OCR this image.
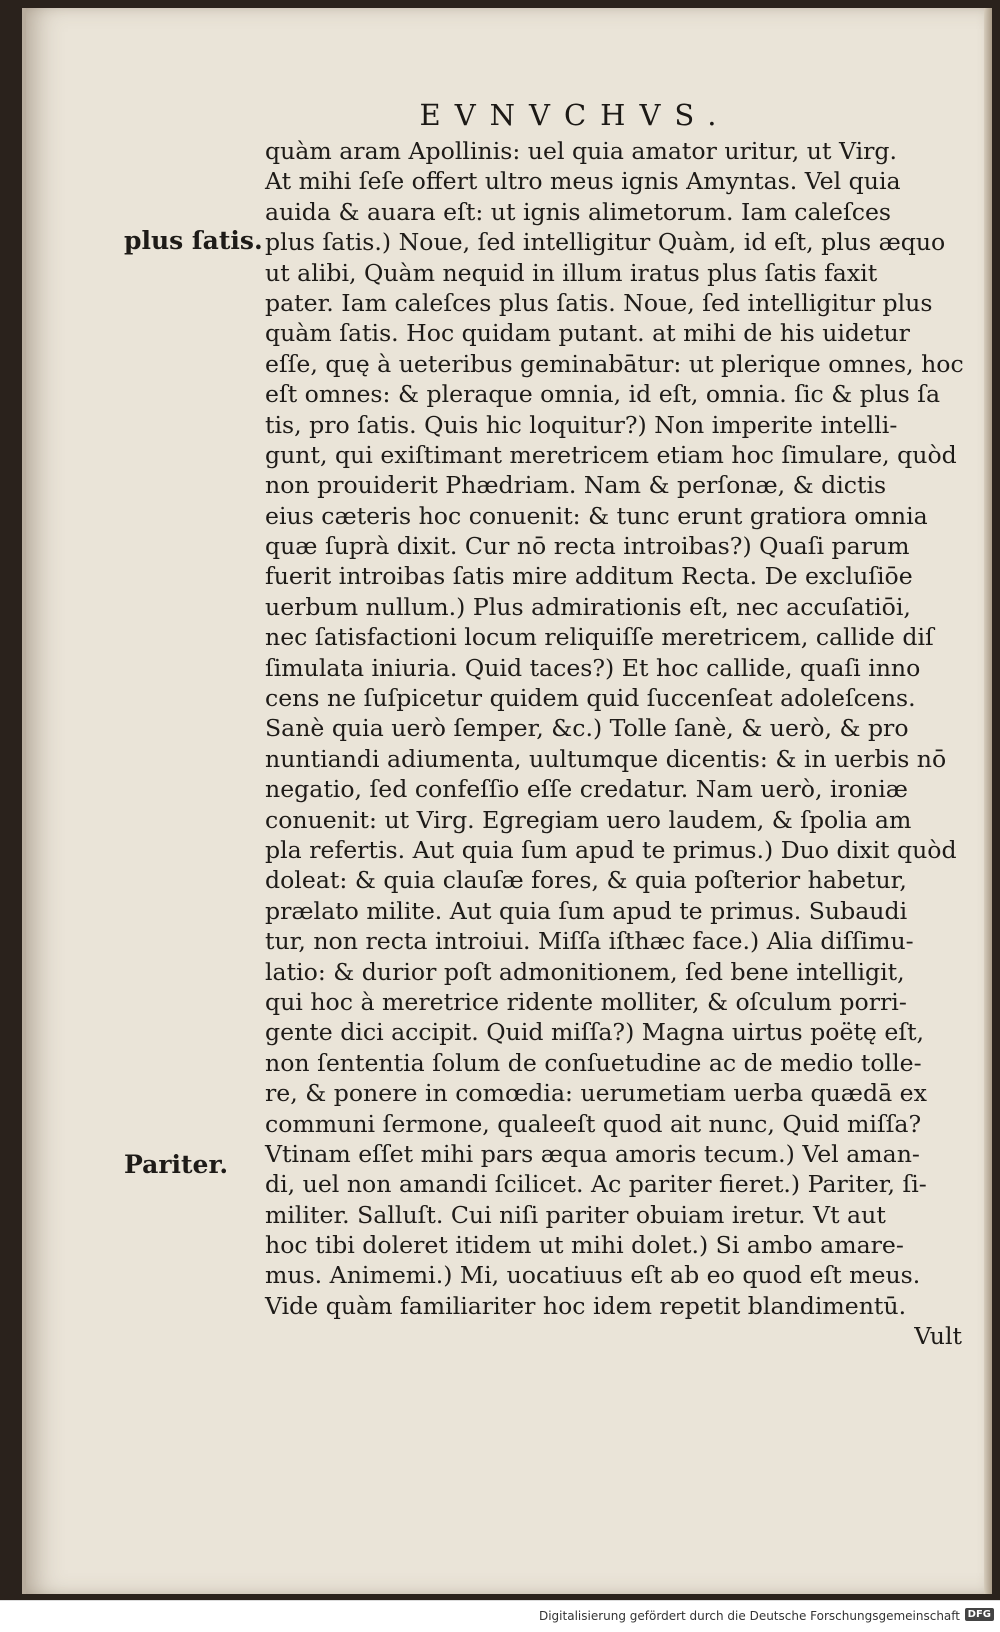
EVNVCHVS.
plus ſatis.
Pariter.
quàm aram Apollinis: uel quia amator uritur, ut Virg.
At mihi ſeſe offert ultro meus ignis Amyntas. Vel quia
auida & auara eſt: ut ignis alimetorum. Iam caleſces
plus ſatis.) Noue, ſed intelligitur Quàm, id eſt, plus æquo
ut alibi, Quàm nequid in illum iratus plus ſatis faxit
pater. Iam caleſces plus ſatis. Noue, ſed intelligitur plus
quàm ſatis. Hoc quidam putant. at mihi de his uidetur
eſſe, quę à ueteribus geminabātur: ut plerique omnes, hoc
eſt omnes: & pleraque omnia, id eſt, omnia. ſic & plus ſa
tis, pro ſatis. Quis hic loquitur?) Non imperite intelli-
gunt, qui exiſtimant meretricem etiam hoc ſimulare, quòd
non prouiderit Phædriam. Nam & perſonæ, & dictis
eius cæteris hoc conuenit: & tunc erunt gratiora omnia
quæ ſuprà dixit. Cur nō recta introibas?) Quaſi parum
fuerit introibas ſatis mire additum Recta. De excluſiōe
uerbum nullum.) Plus admirationis eſt, nec accuſatiōi,
nec ſatisfactioni locum reliquiſſe meretricem, callide diſ
ſimulata iniuria. Quid taces?) Et hoc callide, quaſi inno
cens ne ſuſpicetur quidem quid ſuccenſeat adoleſcens.
Sanè quia uerò ſemper, &c.) Tolle ſanè, & uerò, & pro
nuntiandi adiumenta, uultumque dicentis: & in uerbis nō
negatio, ſed confeſſio eſſe credatur. Nam uerò, ironiæ
conuenit: ut Virg. Egregiam uero laudem, & ſpolia am
pla refertis. Aut quia ſum apud te primus.) Duo dixit quòd
doleat: & quia clauſæ fores, & quia poſterior habetur,
prælato milite. Aut quia ſum apud te primus. Subaudi
tur, non recta introiui. Miſſa iſthæc face.) Alia diſſimu-
latio: & durior poſt admonitionem, ſed bene intelligit,
qui hoc à meretrice ridente molliter, & oſculum porri-
gente dici accipit. Quid miſſa?) Magna uirtus poëtę eſt,
non ſententia ſolum de conſuetudine ac de medio tolle-
re, & ponere in comœdia: uerumetiam uerba quædā ex
communi ſermone, qualeeſt quod ait nunc, Quid miſſa?
Vtinam eſſet mihi pars æqua amoris tecum.) Vel aman-
di, uel non amandi ſcilicet. Ac pariter fieret.) Pariter, ſi-
militer. Salluſt. Cui niſi pariter obuiam iretur. Vt aut
hoc tibi doleret itidem ut mihi dolet.) Si ambo amare-
mus. Animemi.) Mi, uocatiuus eſt ab eo quod eſt meus.
Vide quàm familiariter hoc idem repetit blandimentū.
Vult
Digitalisierung gefördert durch die Deutsche Forschungsgemeinschaft DFG
